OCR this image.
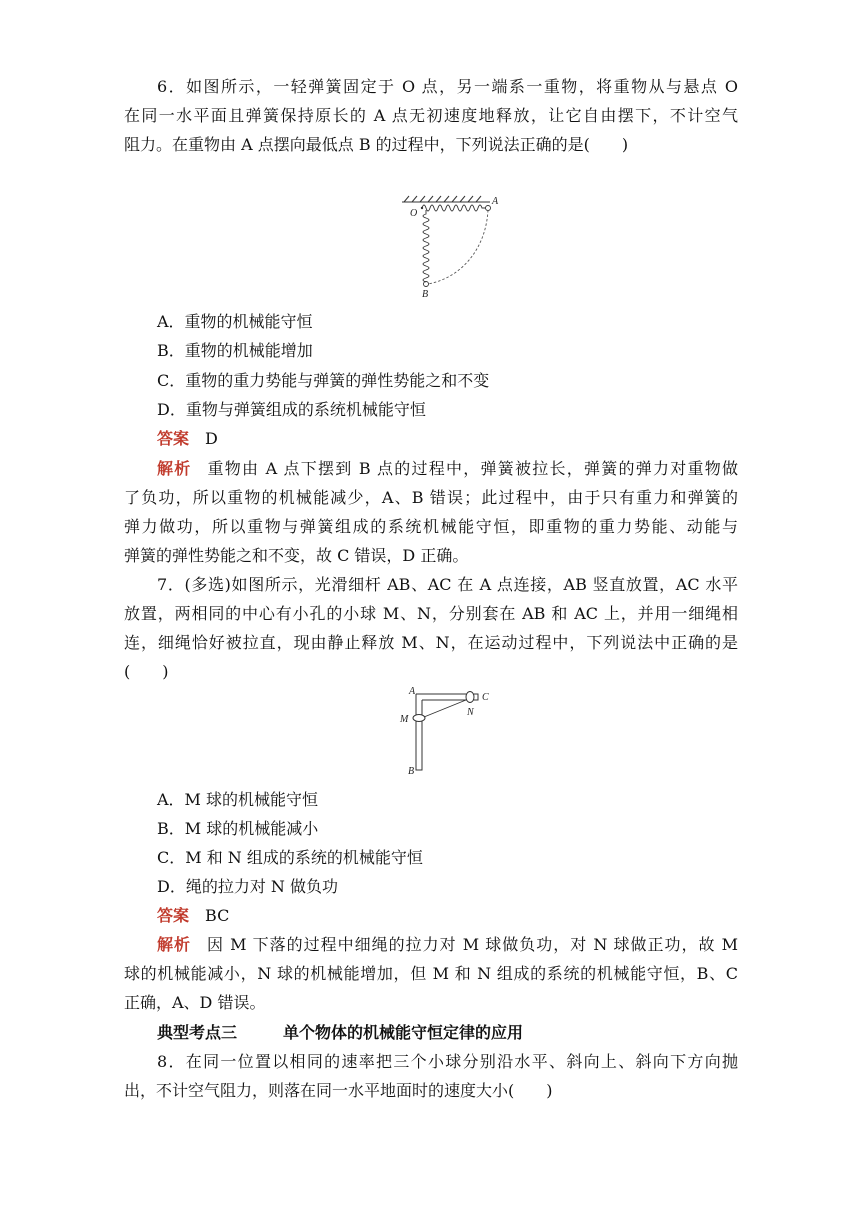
6．如图所示，一轻弹簧固定于 O 点，另一端系一重物，将重物从与悬点 O
在同一水平面且弹簧保持原长的 A 点无初速度地释放，让它自由摆下，不计空气
阻力。在重物由 A 点摆向最低点 B 的过程中，下列说法正确的是(　　)
O
A
B
A．重物的机械能守恒
B．重物的机械能增加
C．重物的重力势能与弹簧的弹性势能之和不变
D．重物与弹簧组成的系统机械能守恒
答案 D
解析 重物由 A 点下摆到 B 点的过程中，弹簧被拉长，弹簧的弹力对重物做
了负功，所以重物的机械能减少，A、B 错误；此过程中，由于只有重力和弹簧的
弹力做功，所以重物与弹簧组成的系统机械能守恒，即重物的重力势能、动能与
弹簧的弹性势能之和不变，故 C 错误，D 正确。
7．(多选)如图所示，光滑细杆 AB、AC 在 A 点连接，AB 竖直放置，AC 水平
放置，两相同的中心有小孔的小球 M、N，分别套在 AB 和 AC 上，并用一细绳相
连，细绳恰好被拉直，现由静止释放 M、N，在运动过程中，下列说法中正确的是
(　　)
A
C
M
N
B
A．M 球的机械能守恒
B．M 球的机械能减小
C．M 和 N 组成的系统的机械能守恒
D．绳的拉力对 N 做负功
答案 BC
解析 因 M 下落的过程中细绳的拉力对 M 球做负功，对 N 球做正功，故 M
球的机械能减小，N 球的机械能增加，但 M 和 N 组成的系统的机械能守恒，B、C
正确，A、D 错误。
典型考点三	单个物体的机械能守恒定律的应用
8．在同一位置以相同的速率把三个小球分别沿水平、斜向上、斜向下方向抛
出，不计空气阻力，则落在同一水平地面时的速度大小(　　)
